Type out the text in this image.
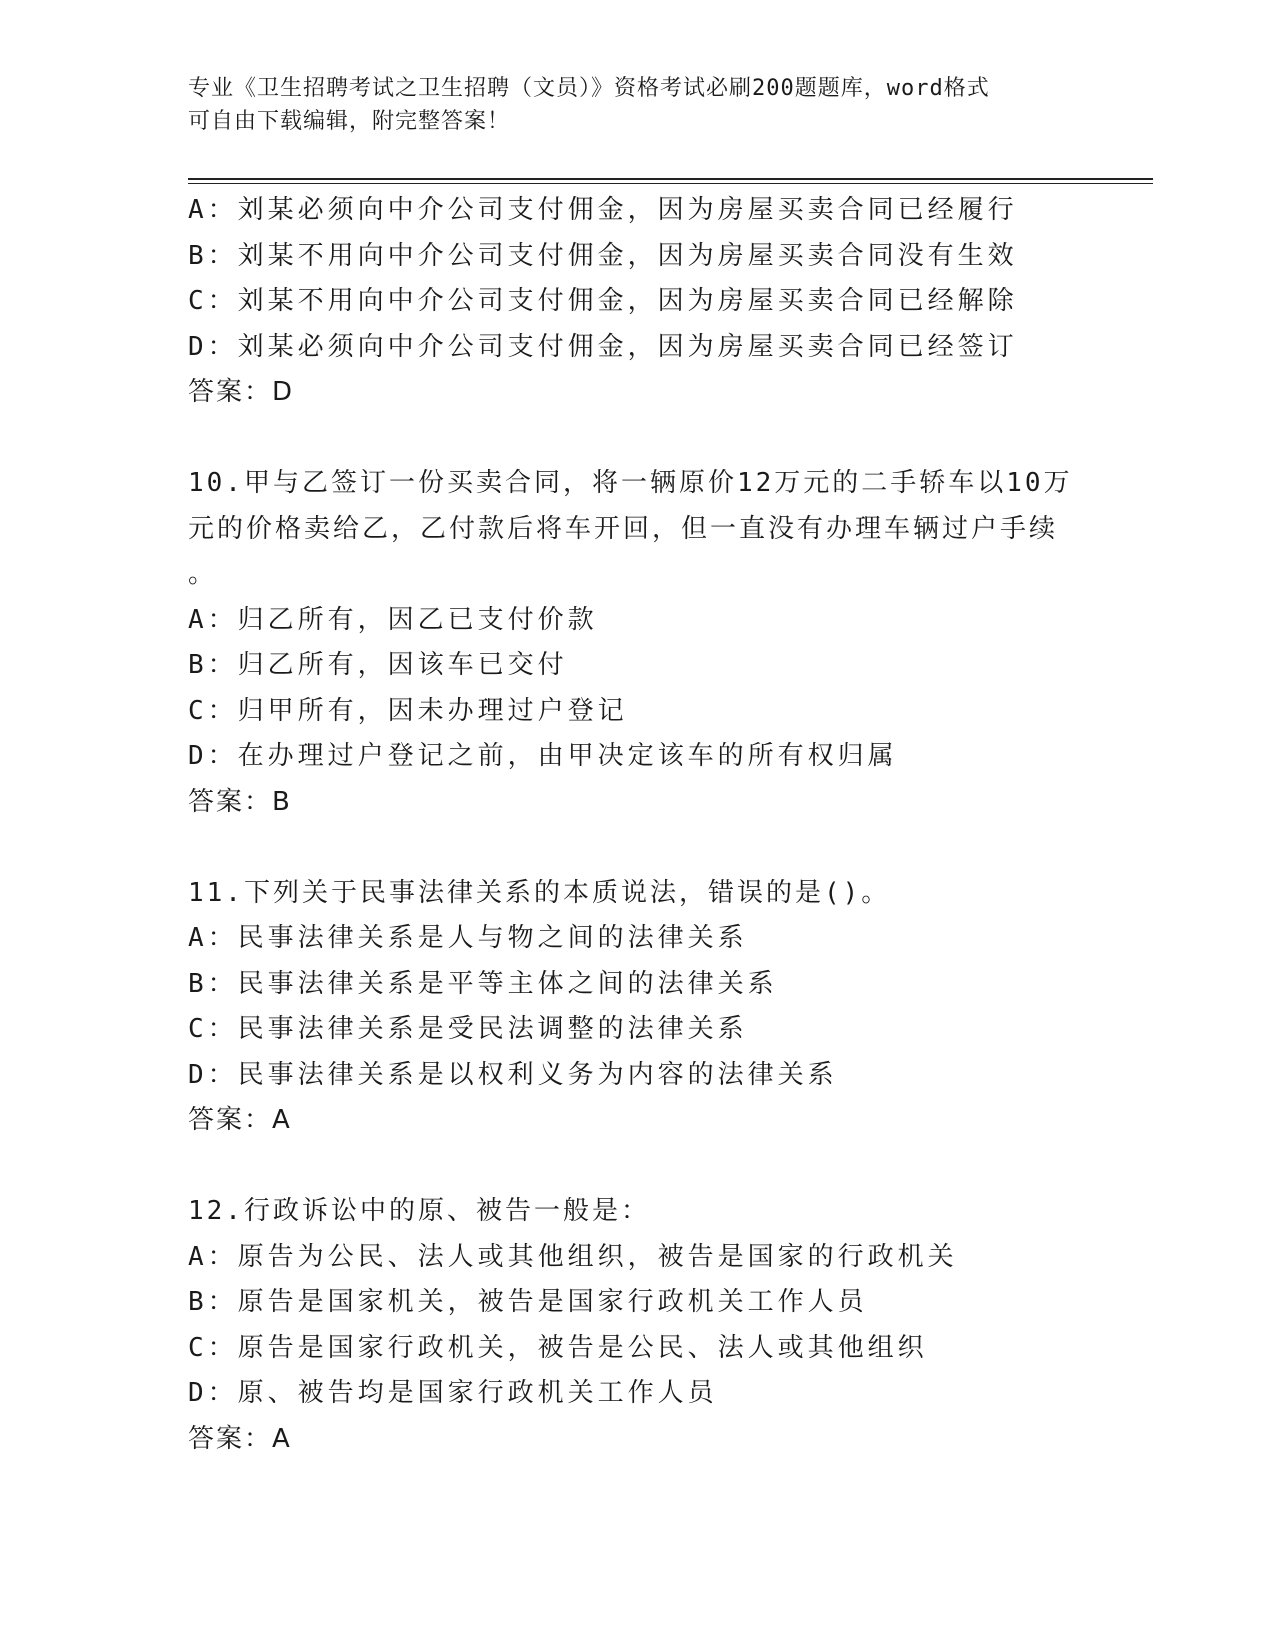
专业《卫生招聘考试之卫生招聘（文员）》资格考试必刷200题题库，word格式
可自由下载编辑，附完整答案！
A：刘某必须向中介公司支付佣金，因为房屋买卖合同已经履行
B：刘某不用向中介公司支付佣金，因为房屋买卖合同没有生效
C：刘某不用向中介公司支付佣金，因为房屋买卖合同已经解除
D：刘某必须向中介公司支付佣金，因为房屋买卖合同已经签订
答案：D
10.甲与乙签订一份买卖合同，将一辆原价12万元的二手轿车以10万
元的价格卖给乙，乙付款后将车开回，但一直没有办理车辆过户手续
。
A：归乙所有，因乙已支付价款
B：归乙所有，因该车已交付
C：归甲所有，因未办理过户登记
D：在办理过户登记之前，由甲决定该车的所有权归属
答案：B
11.下列关于民事法律关系的本质说法，错误的是()。
A：民事法律关系是人与物之间的法律关系
B：民事法律关系是平等主体之间的法律关系
C：民事法律关系是受民法调整的法律关系
D：民事法律关系是以权利义务为内容的法律关系
答案：A
12.行政诉讼中的原、被告一般是：
A：原告为公民、法人或其他组织，被告是国家的行政机关
B：原告是国家机关，被告是国家行政机关工作人员
C：原告是国家行政机关，被告是公民、法人或其他组织
D：原、被告均是国家行政机关工作人员
答案：A
